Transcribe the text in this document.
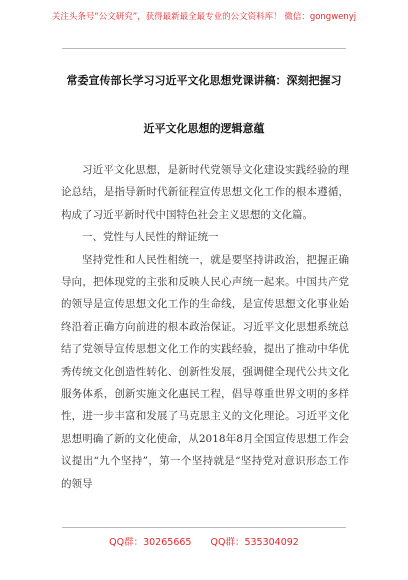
关注头条号“公文研究”，获得最新最全最专业的公文资料库！ 微信：gongwenyj
常委宣传部长学习习近平文化思想党课讲稿：深刻把握习
近平文化思想的逻辑意蕴

习近平文化思想，是新时代党领导文化建设实践经验的理论总结，是指导新时代新征程宣传思想文化工作的根本遵循，构成了习近平新时代中国特色社会主义思想的文化篇。

一、党性与人民性的辩证统一

坚持党性和人民性相统一，就是要坚持讲政治，把握正确导向，把体现党的主张和反映人民心声统一起来。中国共产党的领导是宣传思想文化工作的生命线，是宣传思想文化事业始终沿着正确方向前进的根本政治保证。习近平文化思想系统总结了党领导宣传思想文化工作的实践经验，提出了推动中华优秀传统文化创造性转化、创新性发展，强调健全现代公共文化服务体系，创新实施文化惠民工程，倡导尊重世界文明的多样性，进一步丰富和发展了马克思主义的文化理论。习近平文化思想明确了新的文化使命，从2018年8月全国宣传思想工作会议提出“九个坚持”，第一个坚持就是“坚持党对意识形态工作的领导

QQ群：30265665 QQ群：535304092
